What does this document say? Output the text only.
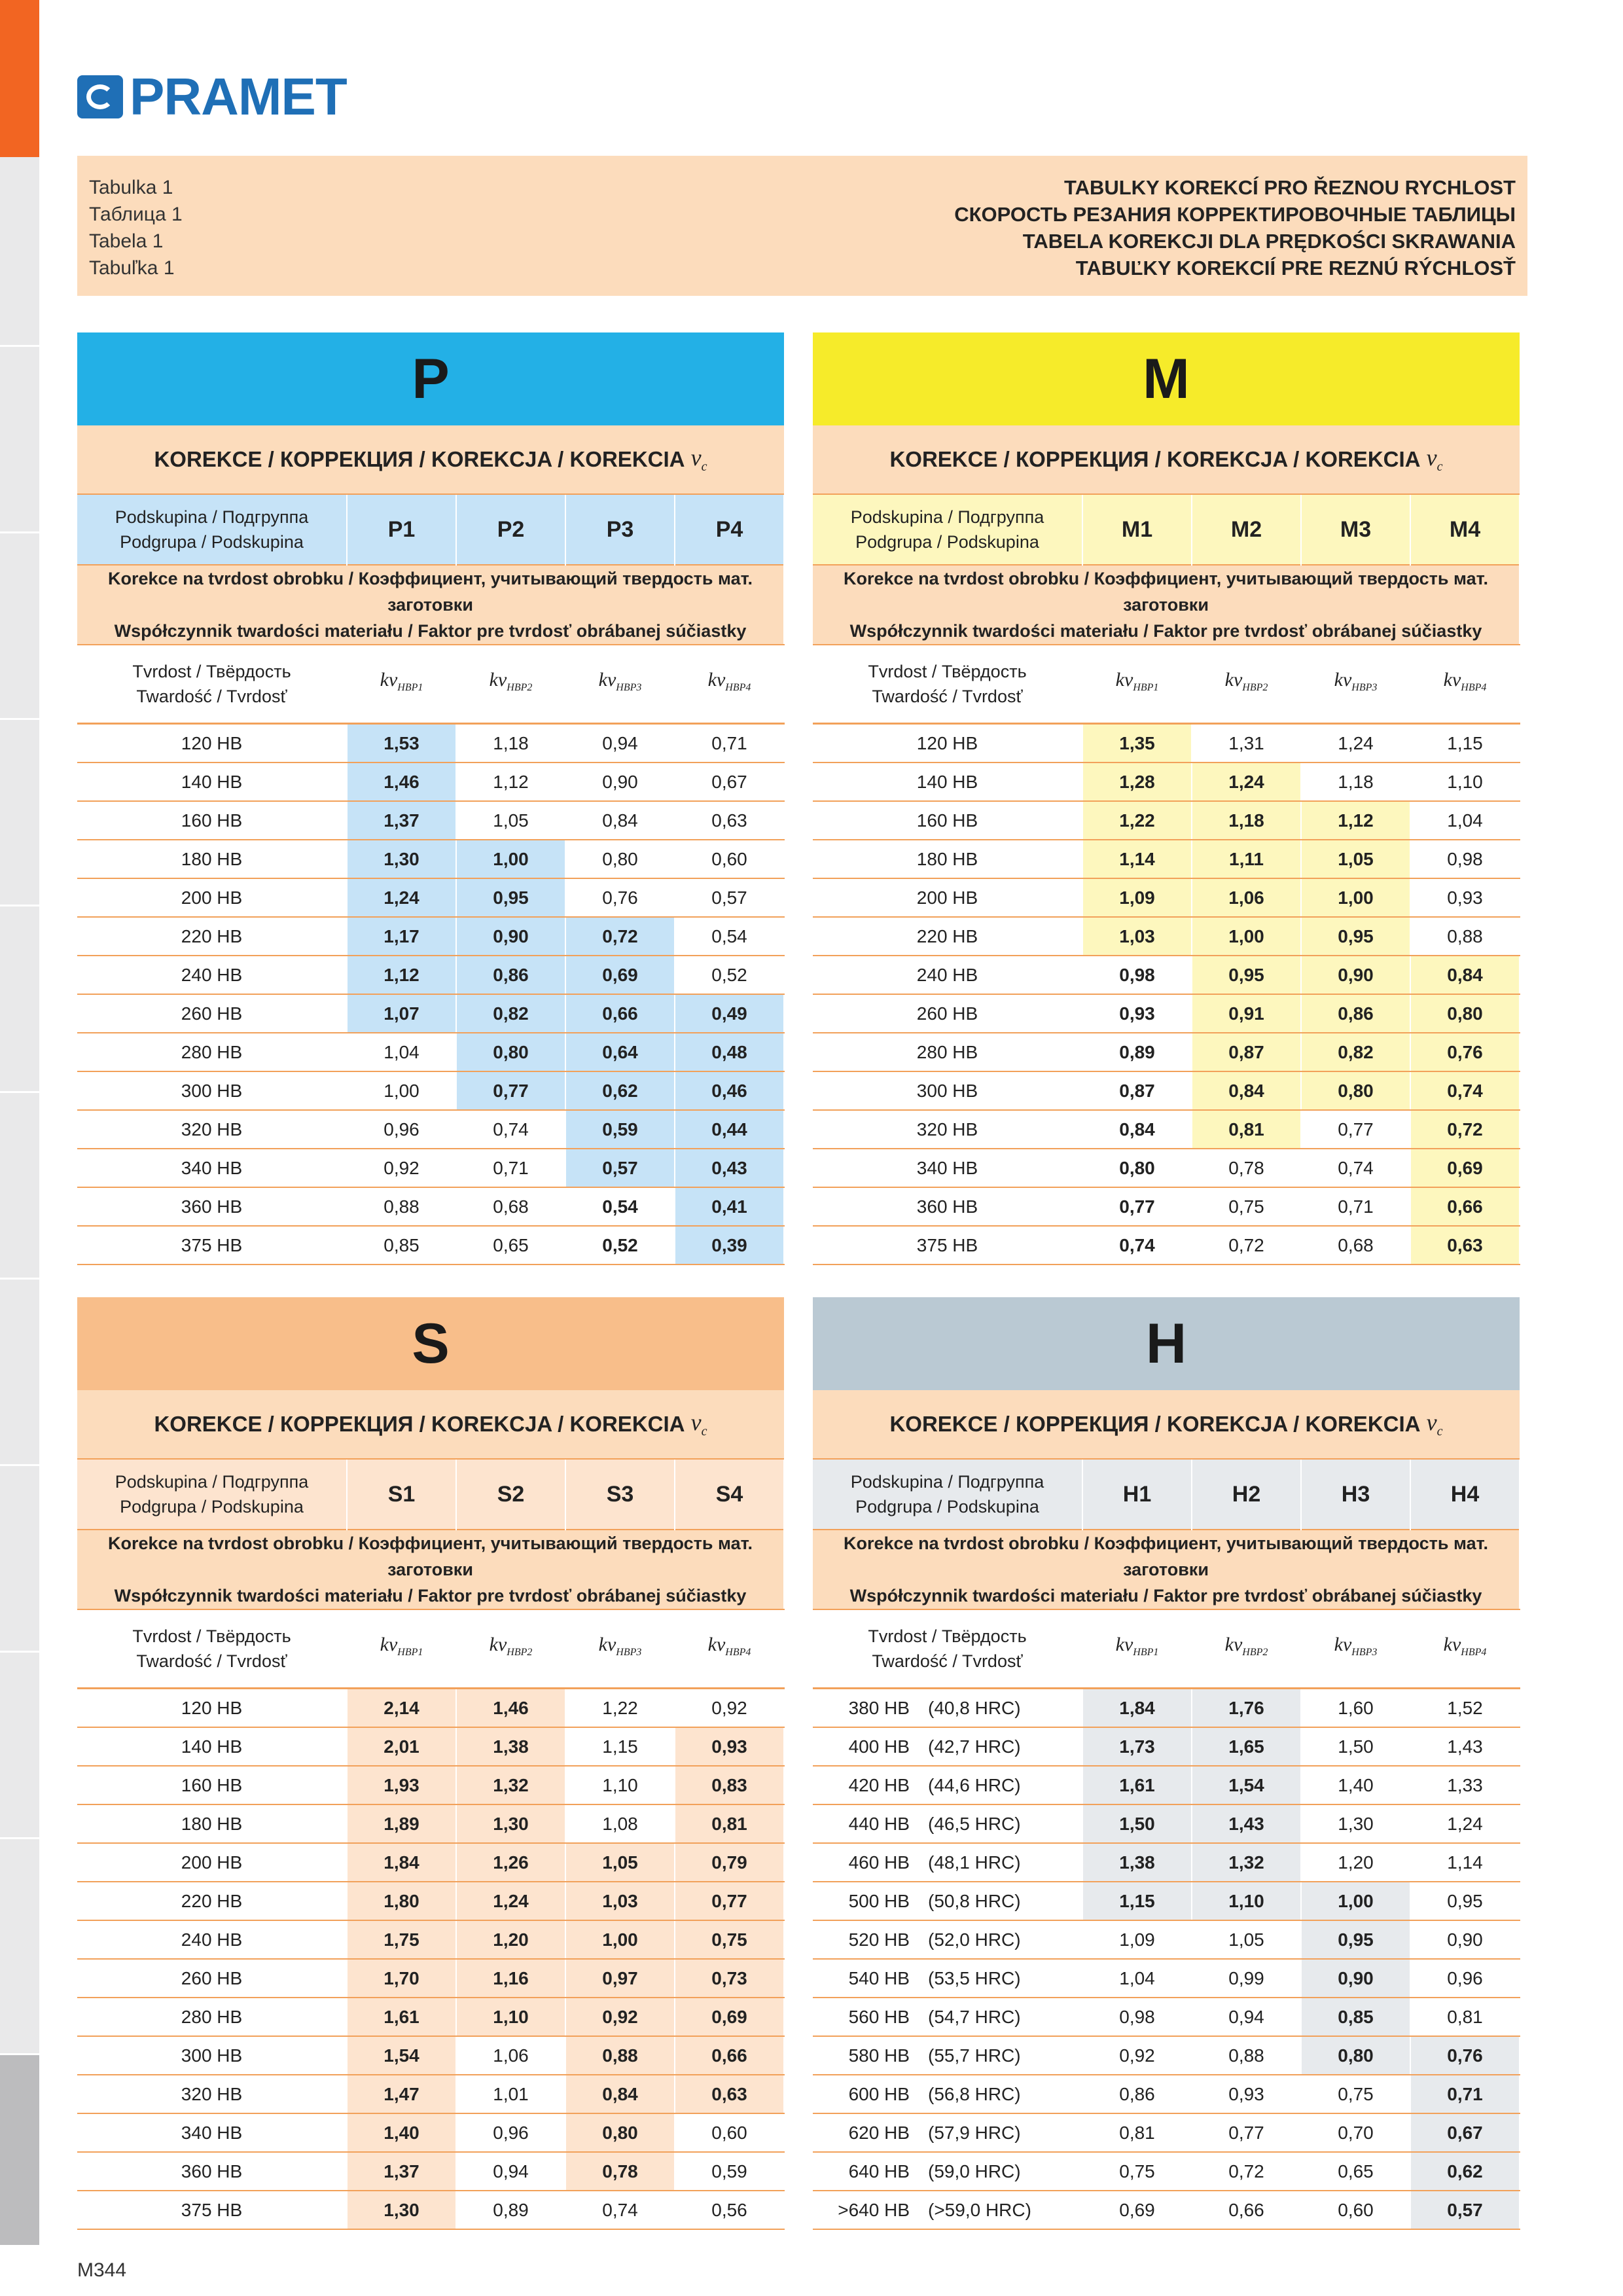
PRAMET
Tabulka 1
Таблица 1
Tabela 1
Tabuľka 1
TABULKY KOREKCÍ PRO ŘEZNOU RYCHLOST
СКОРОСТЬ РЕЗАНИЯ КОРРЕКТИРОВОЧНЫЕ ТАБЛИЦЫ
TABELA KOREKCJI DLA PRĘDKOŚCI SKRAWANIA
TABUĽKY KOREKCIÍ PRE REZNÚ RÝCHLOSŤ
P
KOREKCE / КОРРЕКЦИЯ / KOREKCJA / KOREKCIA
$v_c$
Podskupina / Подгруппа
Podgrupa / Podskupina	P1	P2	P3	P4

Korekce na tvrdost obrobku / Коэффициент, учитывающий твердость мат. заготовки
Współczynnik twardości materiału / Faktor pre tvrdosť obrábanej súčiastky				

Tvrdost / Твёрдость
Twardość / Tvrdosť	$kv_{HBP1}$	$kv_{HBP2}$	$kv_{HBP3}$	$kv_{HBP4}$
120 HB	1,53	1,18	0,94	0,71
140 HB	1,46	1,12	0,90	0,67
160 HB	1,37	1,05	0,84	0,63
180 HB	1,30	1,00	0,80	0,60
200 HB	1,24	0,95	0,76	0,57
220 HB	1,17	0,90	0,72	0,54
240 HB	1,12	0,86	0,69	0,52
260 HB	1,07	0,82	0,66	0,49
280 HB	1,04	0,80	0,64	0,48
300 HB	1,00	0,77	0,62	0,46
320 HB	0,96	0,74	0,59	0,44
340 HB	0,92	0,71	0,57	0,43
360 HB	0,88	0,68	0,54	0,41
375 HB	0,85	0,65	0,52	0,39
M
KOREKCE / КОРРЕКЦИЯ / KOREKCJA / KOREKCIA
$v_c$
Podskupina / Подгруппа
Podgrupa / Podskupina	M1	M2	M3	M4

Korekce na tvrdost obrobku / Коэффициент, учитывающий твердость мат. заготовки
Współczynnik twardości materiału / Faktor pre tvrdosť obrábanej súčiastky				

Tvrdost / Твёрдость
Twardość / Tvrdosť	$kv_{HBP1}$	$kv_{HBP2}$	$kv_{HBP3}$	$kv_{HBP4}$
120 HB	1,35	1,31	1,24	1,15
140 HB	1,28	1,24	1,18	1,10
160 HB	1,22	1,18	1,12	1,04
180 HB	1,14	1,11	1,05	0,98
200 HB	1,09	1,06	1,00	0,93
220 HB	1,03	1,00	0,95	0,88
240 HB	0,98	0,95	0,90	0,84
260 HB	0,93	0,91	0,86	0,80
280 HB	0,89	0,87	0,82	0,76
300 HB	0,87	0,84	0,80	0,74
320 HB	0,84	0,81	0,77	0,72
340 HB	0,80	0,78	0,74	0,69
360 HB	0,77	0,75	0,71	0,66
375 HB	0,74	0,72	0,68	0,63
S
KOREKCE / КОРРЕКЦИЯ / KOREKCJA / KOREKCIA
$v_c$
Podskupina / Подгруппа
Podgrupa / Podskupina	S1	S2	S3	S4

Korekce na tvrdost obrobku / Коэффициент, учитывающий твердость мат. заготовки
Współczynnik twardości materiału / Faktor pre tvrdosť obrábanej súčiastky				

Tvrdost / Твёрдость
Twardość / Tvrdosť	$kv_{HBP1}$	$kv_{HBP2}$	$kv_{HBP3}$	$kv_{HBP4}$
120 HB	2,14	1,46	1,22	0,92
140 HB	2,01	1,38	1,15	0,93
160 HB	1,93	1,32	1,10	0,83
180 HB	1,89	1,30	1,08	0,81
200 HB	1,84	1,26	1,05	0,79
220 HB	1,80	1,24	1,03	0,77
240 HB	1,75	1,20	1,00	0,75
260 HB	1,70	1,16	0,97	0,73
280 HB	1,61	1,10	0,92	0,69
300 HB	1,54	1,06	0,88	0,66
320 HB	1,47	1,01	0,84	0,63
340 HB	1,40	0,96	0,80	0,60
360 HB	1,37	0,94	0,78	0,59
375 HB	1,30	0,89	0,74	0,56
H
KOREKCE / КОРРЕКЦИЯ / KOREKCJA / KOREKCIA
$v_c$
Podskupina / Подгруппа
Podgrupa / Podskupina	H1	H2	H3	H4

Korekce na tvrdost obrobku / Коэффициент, учитывающий твердость мат. заготовки
Współczynnik twardości materiału / Faktor pre tvrdosť obrábanej súčiastky				

Tvrdost / Твёрдость
Twardość / Tvrdosť	$kv_{HBP1}$	$kv_{HBP2}$	$kv_{HBP3}$	$kv_{HBP4}$
380 HB (40,8 HRC)	1,84	1,76	1,60	1,52
400 HB (42,7 HRC)	1,73	1,65	1,50	1,43
420 HB (44,6 HRC)	1,61	1,54	1,40	1,33
440 HB (46,5 HRC)	1,50	1,43	1,30	1,24
460 HB (48,1 HRC)	1,38	1,32	1,20	1,14
500 HB (50,8 HRC)	1,15	1,10	1,00	0,95
520 HB (52,0 HRC)	1,09	1,05	0,95	0,90
540 HB (53,5 HRC)	1,04	0,99	0,90	0,96
560 HB (54,7 HRC)	0,98	0,94	0,85	0,81
580 HB (55,7 HRC)	0,92	0,88	0,80	0,76
600 HB (56,8 HRC)	0,86	0,93	0,75	0,71
620 HB (57,9 HRC)	0,81	0,77	0,70	0,67
640 HB (59,0 HRC)	0,75	0,72	0,65	0,62
>640 HB (>59,0 HRC)	0,69	0,66	0,60	0,57
M344
